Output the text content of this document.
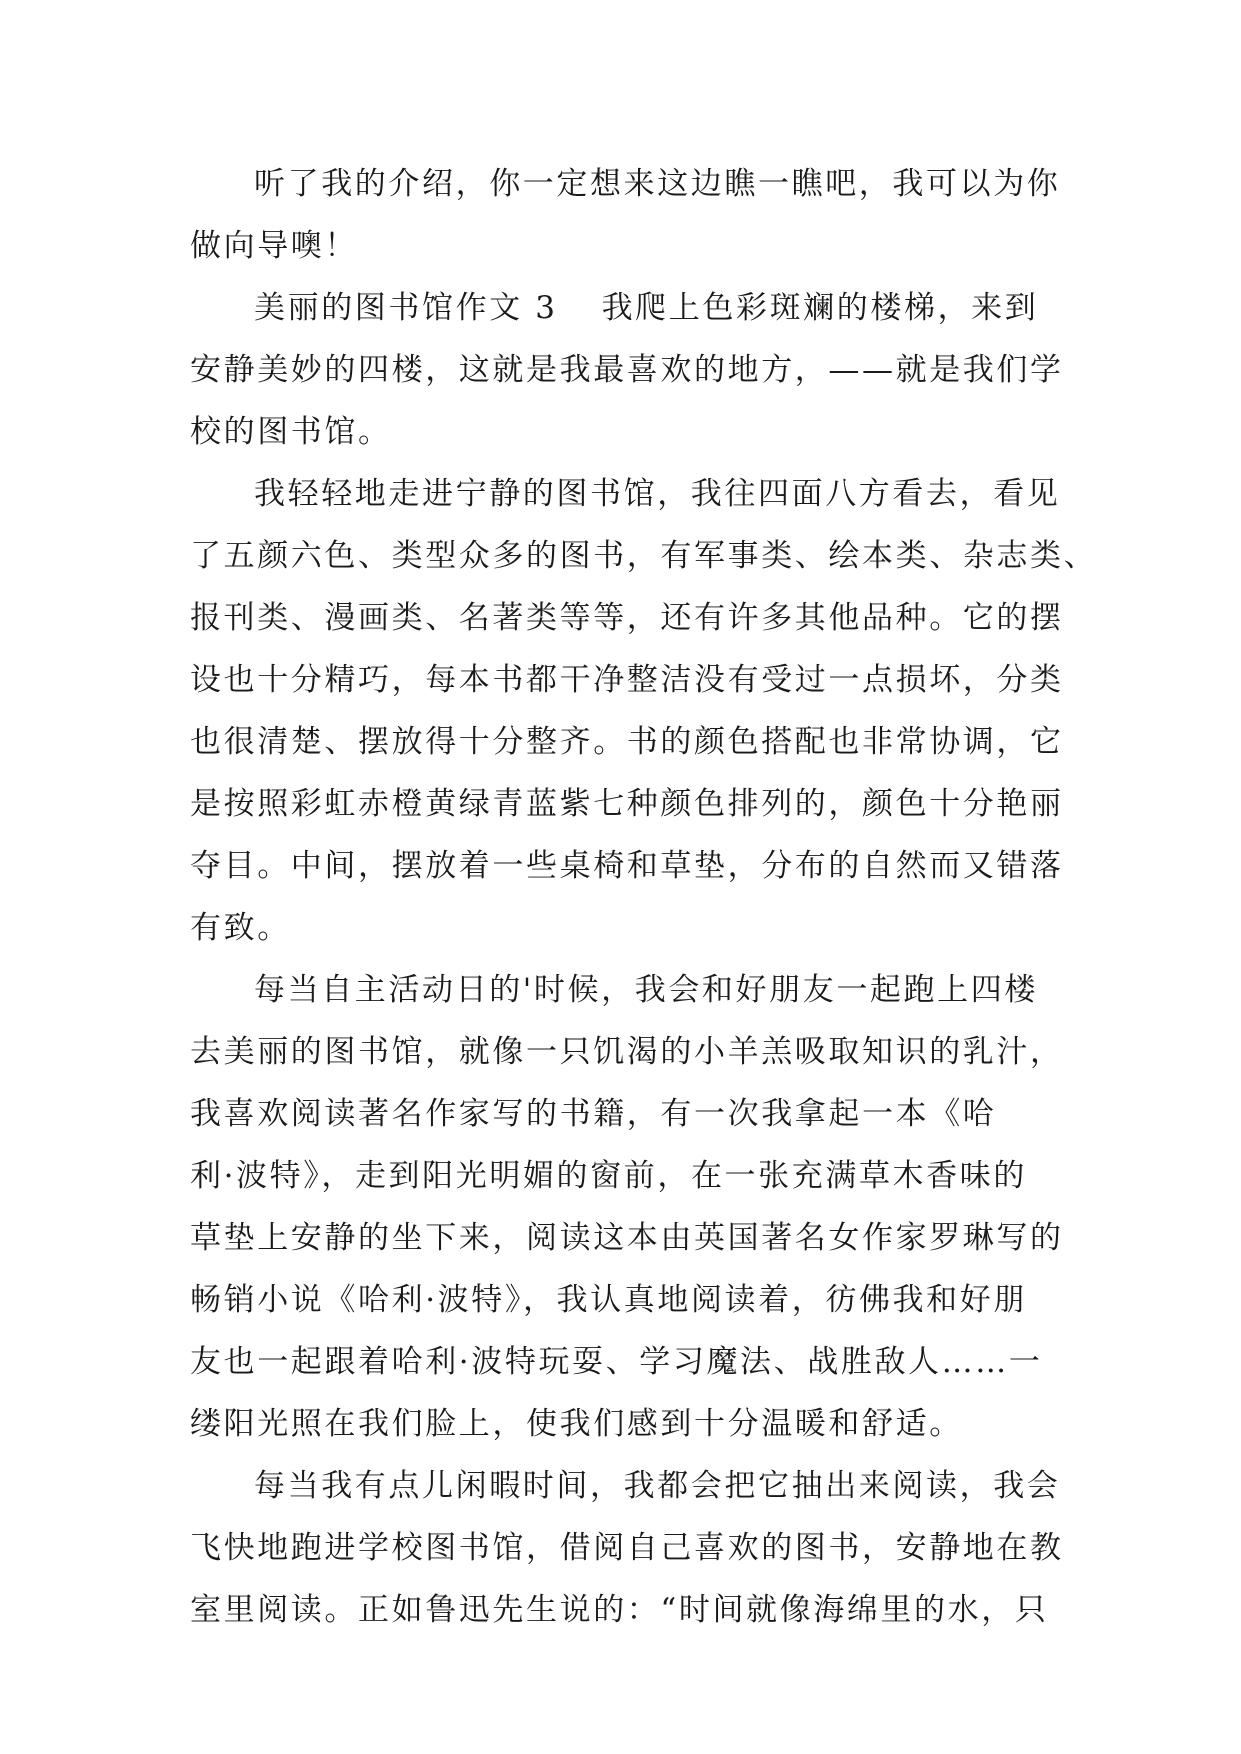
听了我的介绍，你一定想来这边瞧一瞧吧，我可以为你
做向导噢！
美丽的图书馆作文 3 我爬上色彩斑斓的楼梯，来到
安静美妙的四楼，这就是我最喜欢的地方，——就是我们学
校的图书馆。
我轻轻地走进宁静的图书馆，我往四面八方看去，看见
了五颜六色、类型众多的图书，有军事类、绘本类、杂志类、
报刊类、漫画类、名著类等等，还有许多其他品种。它的摆
设也十分精巧，每本书都干净整洁没有受过一点损坏，分类
也很清楚、摆放得十分整齐。书的颜色搭配也非常协调，它
是按照彩虹赤橙黄绿青蓝紫七种颜色排列的，颜色十分艳丽
夺目。中间，摆放着一些桌椅和草垫，分布的自然而又错落
有致。
每当自主活动日的'时候，我会和好朋友一起跑上四楼
去美丽的图书馆，就像一只饥渴的小羊羔吸取知识的乳汁，
我喜欢阅读著名作家写的书籍，有一次我拿起一本《哈
利·波特》，走到阳光明媚的窗前，在一张充满草木香味的
草垫上安静的坐下来，阅读这本由英国著名女作家罗琳写的
畅销小说《哈利·波特》，我认真地阅读着，彷佛我和好朋
友也一起跟着哈利·波特玩耍、学习魔法、战胜敌人……一
缕阳光照在我们脸上，使我们感到十分温暖和舒适。
每当我有点儿闲暇时间，我都会把它抽出来阅读，我会
飞快地跑进学校图书馆，借阅自己喜欢的图书，安静地在教
室里阅读。正如鲁迅先生说的：“时间就像海绵里的水，只
